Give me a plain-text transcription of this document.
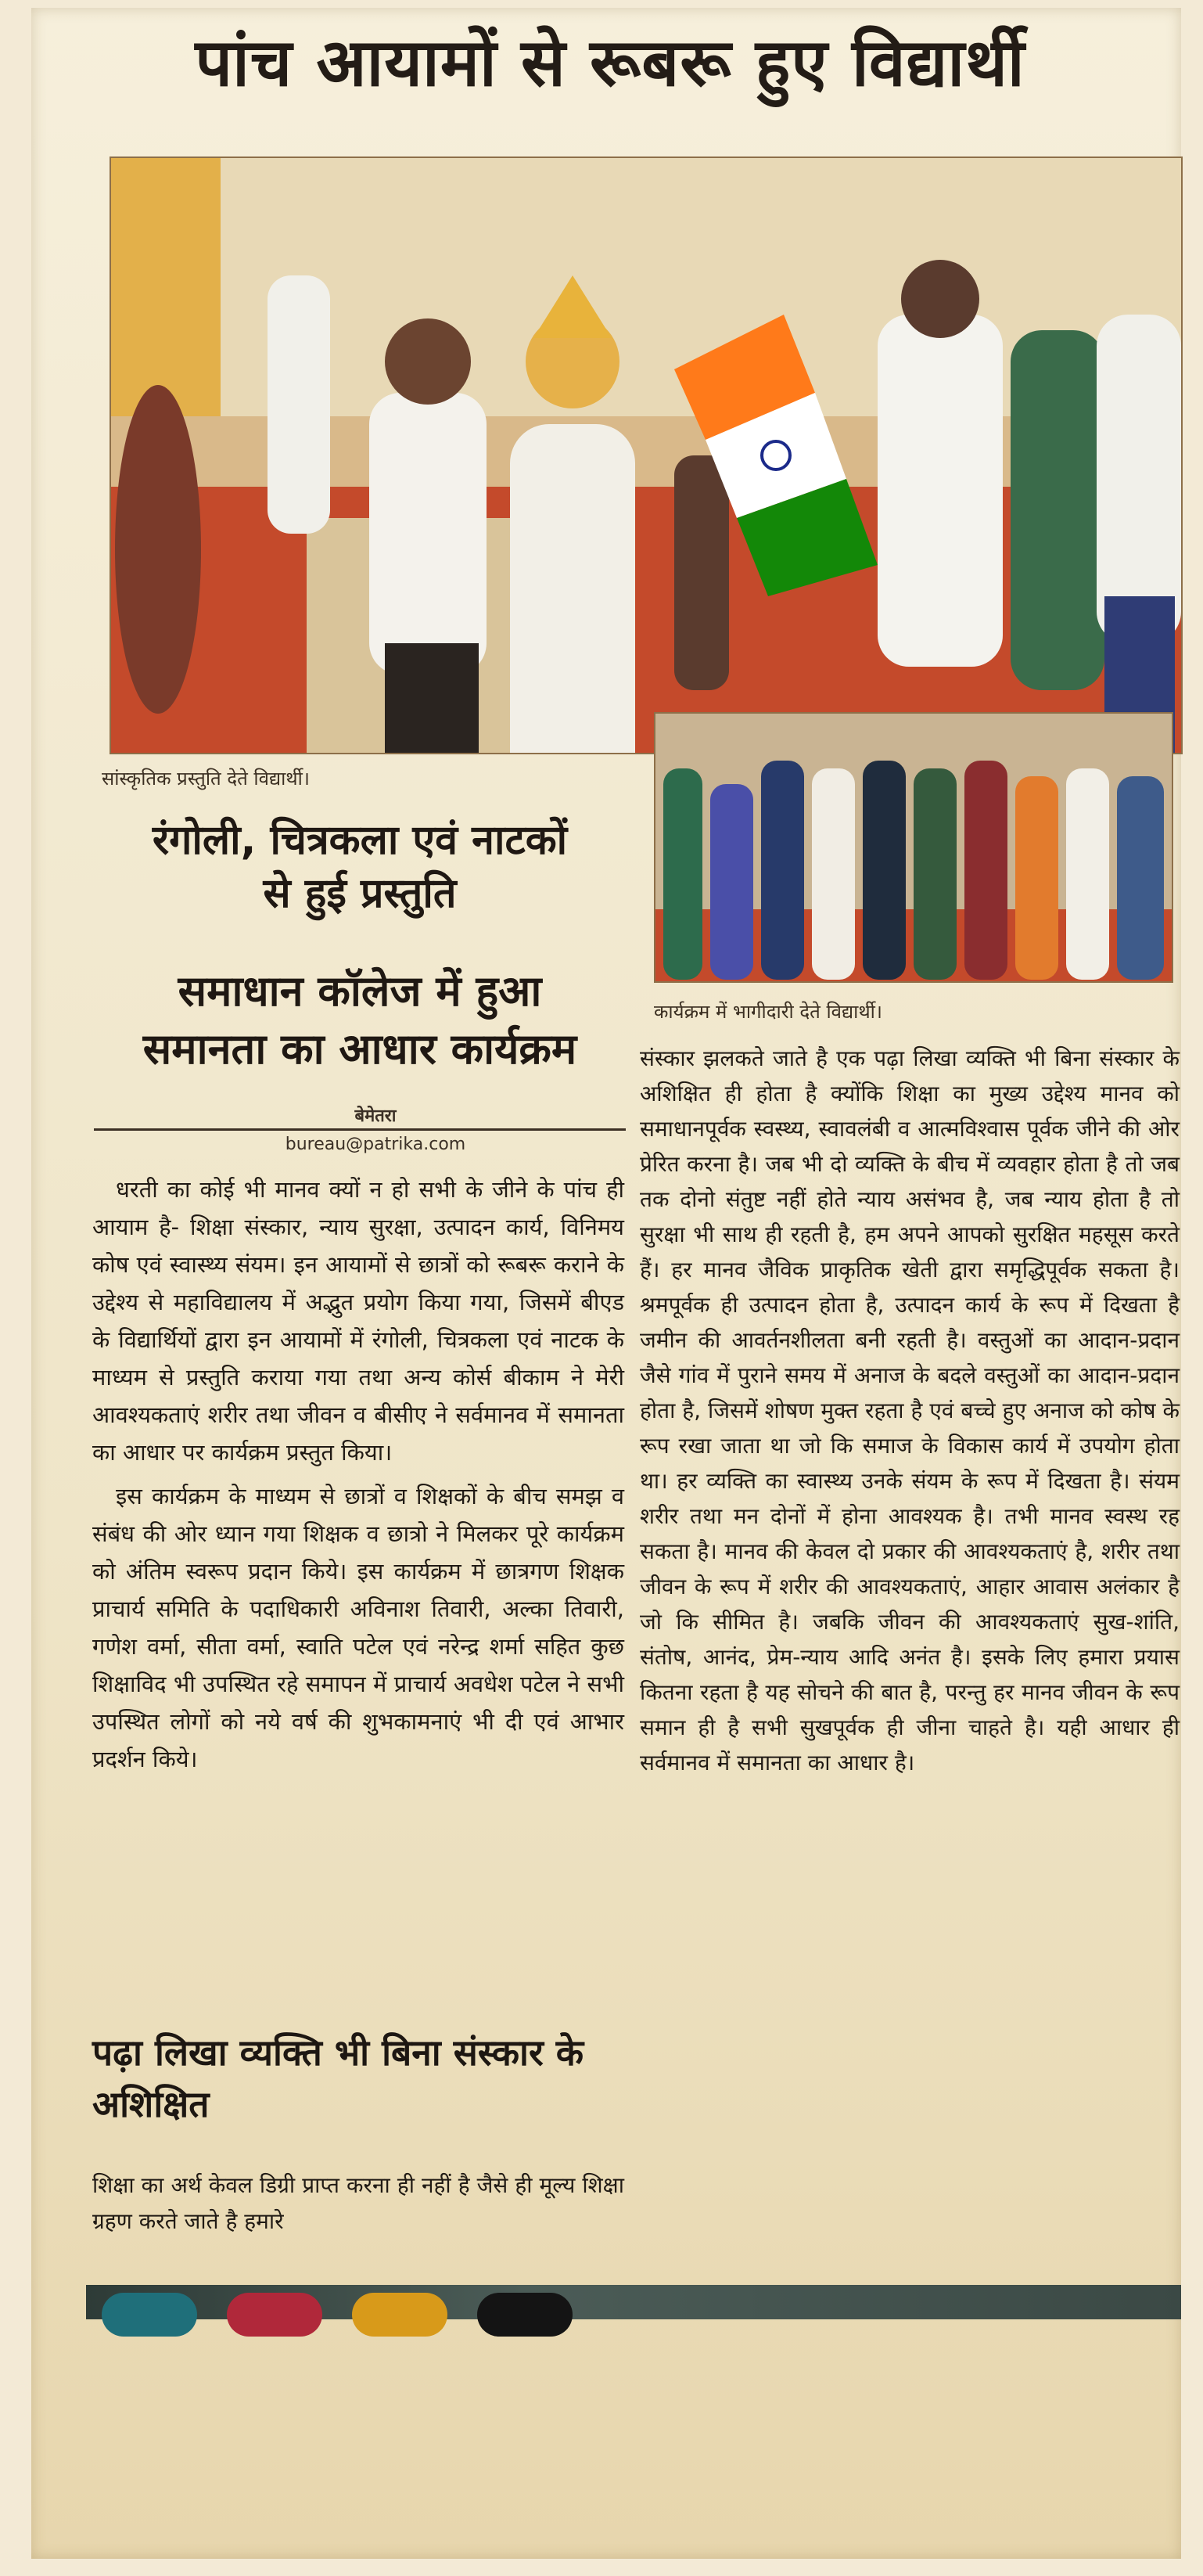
पांच आयामों से रूबरू हुए विद्यार्थी
सांस्कृतिक प्रस्तुति देते विद्यार्थी।
कार्यक्रम में भागीदारी देते विद्यार्थी।
रंगोली, चित्रकला एवं नाटकों
से हुई प्रस्तुति
समाधान कॉलेज में हुआ
समानता का आधार कार्यक्रम
बेमेतरा
bureau@patrika.com

धरती का कोई भी मानव क्यों न हो सभी के जीने के पांच ही आयाम है- शिक्षा संस्कार, न्याय सुरक्षा, उत्पादन कार्य, विनिमय कोष एवं स्वास्थ्य संयम। इन आयामों से छात्रों को रूबरू कराने के उद्देश्य से महाविद्यालय में अद्भुत प्रयोग किया गया, जिसमें बीएड के विद्यार्थियों द्वारा इन आयामों में रंगोली, चित्रकला एवं नाटक के माध्यम से प्रस्तुति कराया गया तथा अन्य कोर्स बीकाम ने मेरी आवश्यकताएं शरीर तथा जीवन व बीसीए ने सर्वमानव में समानता का आधार पर कार्यक्रम प्रस्तुत किया।

इस कार्यक्रम के माध्यम से छात्रों व शिक्षकों के बीच समझ व संबंध की ओर ध्यान गया शिक्षक व छात्रो ने मिलकर पूरे कार्यक्रम को अंतिम स्वरूप प्रदान किये। इस कार्यक्रम में छात्रगण शिक्षक प्राचार्य समिति के पदाधिकारी अविनाश तिवारी, अल्का तिवारी, गणेश वर्मा, सीता वर्मा, स्वाति पटेल एवं नरेन्द्र शर्मा सहित कुछ शिक्षाविद भी उपस्थित रहे समापन में प्राचार्य अवधेश पटेल ने सभी उपस्थित लोगों को नये वर्ष की शुभकामनाएं भी दी एवं आभार प्रदर्शन किये।

पढ़ा लिखा व्यक्ति भी बिना संस्कार के अशिक्षित
शिक्षा का अर्थ केवल डिग्री प्राप्त करना ही नहीं है जैसे ही मूल्य शिक्षा ग्रहण करते जाते है हमारे
संस्कार झलकते जाते है एक पढ़ा लिखा व्यक्ति भी बिना संस्कार के अशिक्षित ही होता है क्योंकि शिक्षा का मुख्य उद्देश्य मानव को समाधानपूर्वक स्वस्थ्य, स्वावलंबी व आत्मविश्वास पूर्वक जीने की ओर प्रेरित करना है। जब भी दो व्यक्ति के बीच में व्यवहार होता है तो जब तक दोनो संतुष्ट नहीं होते न्याय असंभव है, जब न्याय होता है तो सुरक्षा भी साथ ही रहती है, हम अपने आपको सुरक्षित महसूस करते हैं। हर मानव जैविक प्राकृतिक खेती द्वारा समृद्धिपूर्वक सकता है। श्रमपूर्वक ही उत्पादन होता है, उत्पादन कार्य के रूप में दिखता है जमीन की आवर्तनशीलता बनी रहती है। वस्तुओं का आदान-प्रदान जैसे गांव में पुराने समय में अनाज के बदले वस्तुओं का आदान-प्रदान होता है, जिसमें शोषण मुक्त रहता है एवं बच्चे हुए अनाज को कोष के रूप रखा जाता था जो कि समाज के विकास कार्य में उपयोग होता था। हर व्यक्ति का स्वास्थ्य उनके संयम के रूप में दिखता है। संयम शरीर तथा मन दोनों में होना आवश्यक है। तभी मानव स्वस्थ रह सकता है। मानव की केवल दो प्रकार की आवश्यकताएं है, शरीर तथा जीवन के रूप में शरीर की आवश्यकताएं, आहार आवास अलंकार है जो कि सीमित है। जबकि जीवन की आवश्यकताएं सुख-शांति, संतोष, आनंद, प्रेम-न्याय आदि अनंत है। इसके लिए हमारा प्रयास कितना रहता है यह सोचने की बात है, परन्तु हर मानव जीवन के रूप समान ही है सभी सुखपूर्वक ही जीना चाहते है। यही आधार ही सर्वमानव में समानता का आधार है।
